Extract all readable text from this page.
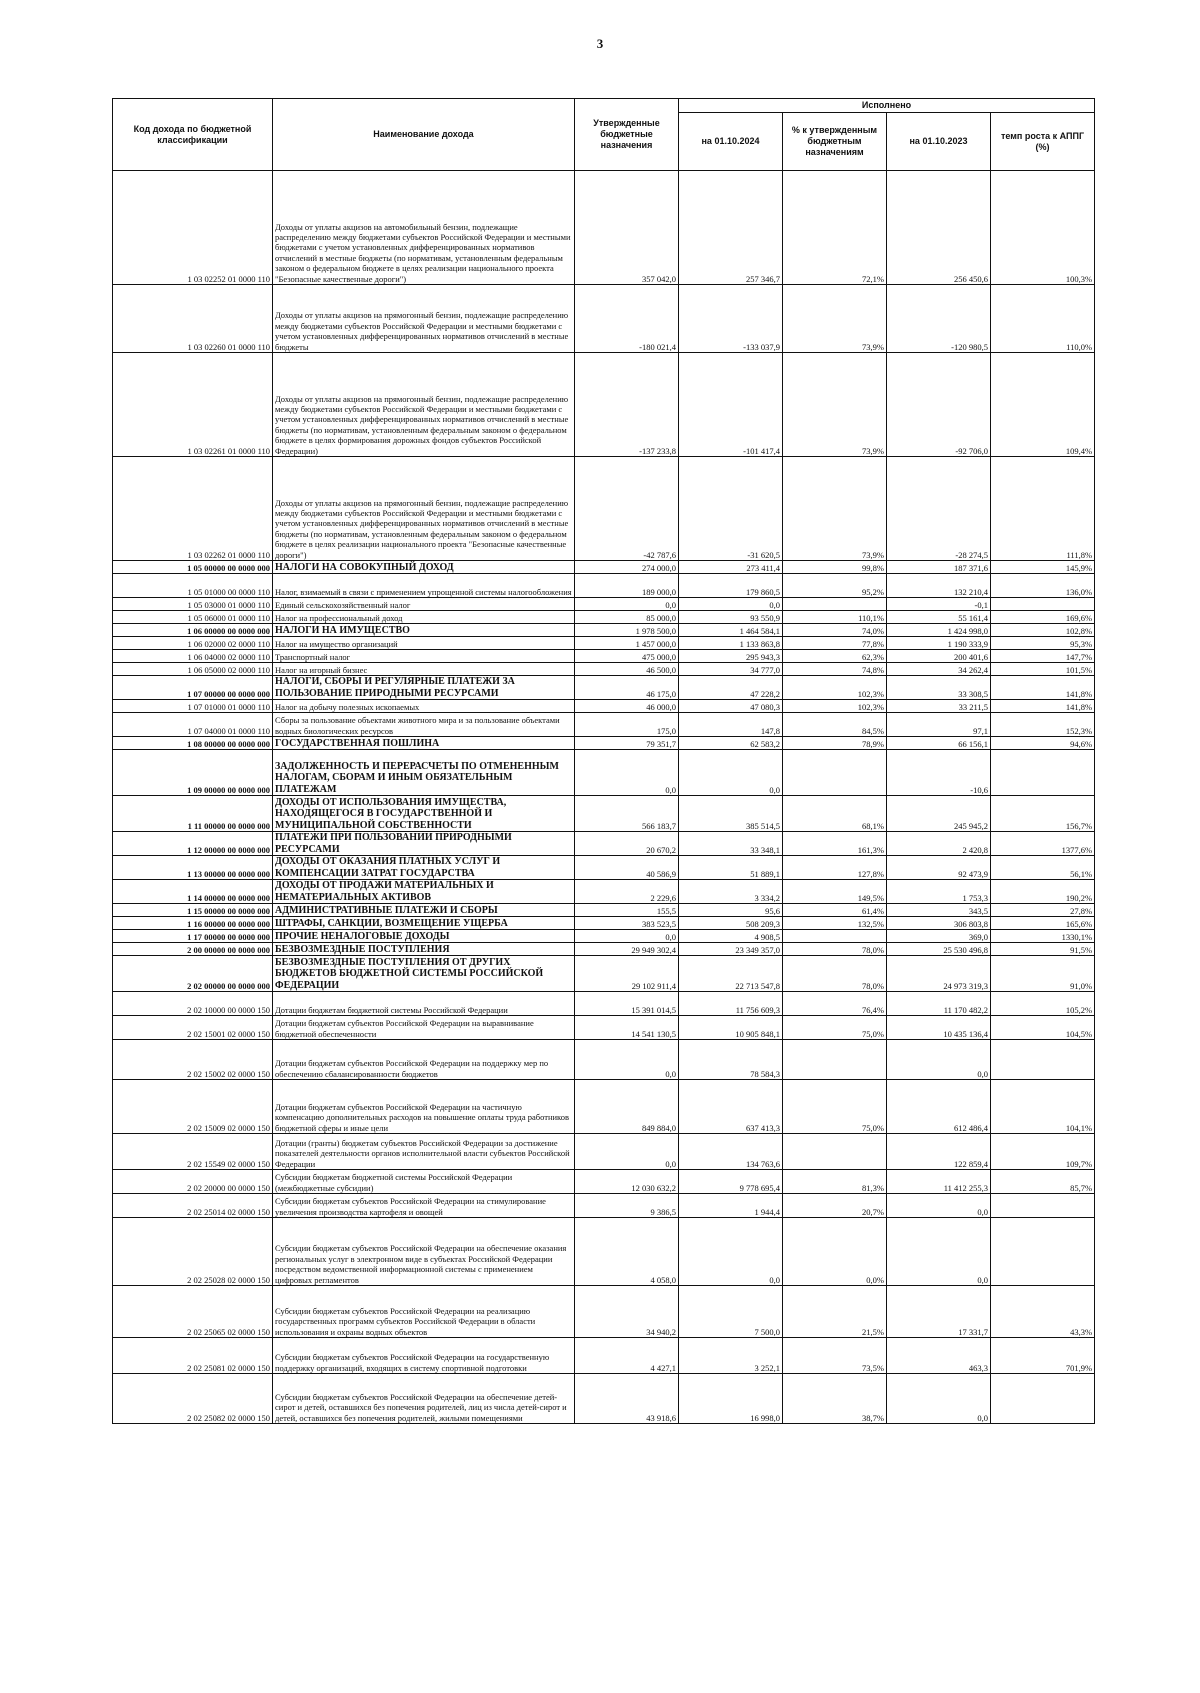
3
Код дохода по бюджетной классификации	Наименование дохода	Утвержденные бюджетные назначения	Исполнено			
			на 01.10.2024	% к утвержденным бюджетным назначениям	на 01.10.2023	темп роста к АППГ (%)
1 03 02252 01 0000 110	Доходы от уплаты акцизов на автомобильный бензин, подлежащие распределению между бюджетами субъектов Российской Федерации и местными бюджетами с учетом установленных дифференцированных нормативов отчислений в местные бюджеты (по нормативам, установленным федеральным законом о федеральном бюджете в целях реализации национального проекта "Безопасные качественные дороги")	357 042,0	257 346,7	72,1%	256 450,6	100,3%
1 03 02260 01 0000 110	Доходы от уплаты акцизов на прямогонный бензин, подлежащие распределению между бюджетами субъектов Российской Федерации и местными бюджетами с учетом установленных дифференцированных нормативов отчислений в местные бюджеты	-180 021,4	-133 037,9	73,9%	-120 980,5	110,0%
1 03 02261 01 0000 110	Доходы от уплаты акцизов на прямогонный бензин, подлежащие распределению между бюджетами субъектов Российской Федерации и местными бюджетами с учетом установленных дифференцированных нормативов отчислений в местные бюджеты (по нормативам, установленным федеральным законом о федеральном бюджете в целях формирования дорожных фондов субъектов Российской Федерации)	-137 233,8	-101 417,4	73,9%	-92 706,0	109,4%
1 03 02262 01 0000 110	Доходы от уплаты акцизов на прямогонный бензин, подлежащие распределению между бюджетами субъектов Российской Федерации и местными бюджетами с учетом установленных дифференцированных нормативов отчислений в местные бюджеты (по нормативам, установленным федеральным законом о федеральном бюджете в целях реализации национального проекта "Безопасные качественные дороги")	-42 787,6	-31 620,5	73,9%	-28 274,5	111,8%
1 05 00000 00 0000 000	НАЛОГИ НА СОВОКУПНЫЙ ДОХОД	274 000,0	273 411,4	99,8%	187 371,6	145,9%
1 05 01000 00 0000 110	Налог, взимаемый в связи с применением упрощенной системы налогообложения	189 000,0	179 860,5	95,2%	132 210,4	136,0%
1 05 03000 01 0000 110	Единый сельскохозяйственный налог	0,0	0,0		-0,1	
1 05 06000 01 0000 110	Налог на профессиональный доход	85 000,0	93 550,9	110,1%	55 161,4	169,6%
1 06 00000 00 0000 000	НАЛОГИ НА ИМУЩЕСТВО	1 978 500,0	1 464 584,1	74,0%	1 424 998,0	102,8%
1 06 02000 02 0000 110	Налог на имущество организаций	1 457 000,0	1 133 863,8	77,8%	1 190 333,9	95,3%
1 06 04000 02 0000 110	Транспортный налог	475 000,0	295 943,3	62,3%	200 401,6	147,7%
1 06 05000 02 0000 110	Налог на игорный бизнес	46 500,0	34 777,0	74,8%	34 262,4	101,5%
1 07 00000 00 0000 000	НАЛОГИ, СБОРЫ И РЕГУЛЯРНЫЕ ПЛАТЕЖИ ЗА ПОЛЬЗОВАНИЕ ПРИРОДНЫМИ РЕСУРСАМИ	46 175,0	47 228,2	102,3%	33 308,5	141,8%
1 07 01000 01 0000 110	Налог на добычу полезных ископаемых	46 000,0	47 080,3	102,3%	33 211,5	141,8%
1 07 04000 01 0000 110	Сборы за пользование объектами животного мира и за пользование объектами водных биологических ресурсов	175,0	147,8	84,5%	97,1	152,3%
1 08 00000 00 0000 000	ГОСУДАРСТВЕННАЯ ПОШЛИНА	79 351,7	62 583,2	78,9%	66 156,1	94,6%
1 09 00000 00 0000 000	ЗАДОЛЖЕННОСТЬ И ПЕРЕРАСЧЕТЫ ПО ОТМЕНЕННЫМ НАЛОГАМ, СБОРАМ И ИНЫМ ОБЯЗАТЕЛЬНЫМ ПЛАТЕЖАМ	0,0	0,0		-10,6	
1 11 00000 00 0000 000	ДОХОДЫ ОТ ИСПОЛЬЗОВАНИЯ ИМУЩЕСТВА, НАХОДЯЩЕГОСЯ В ГОСУДАРСТВЕННОЙ И МУНИЦИПАЛЬНОЙ СОБСТВЕННОСТИ	566 183,7	385 514,5	68,1%	245 945,2	156,7%
1 12 00000 00 0000 000	ПЛАТЕЖИ ПРИ ПОЛЬЗОВАНИИ ПРИРОДНЫМИ РЕСУРСАМИ	20 670,2	33 348,1	161,3%	2 420,8	1377,6%
1 13 00000 00 0000 000	ДОХОДЫ ОТ ОКАЗАНИЯ ПЛАТНЫХ УСЛУГ И КОМПЕНСАЦИИ ЗАТРАТ ГОСУДАРСТВА	40 586,9	51 889,1	127,8%	92 473,9	56,1%
1 14 00000 00 0000 000	ДОХОДЫ ОТ ПРОДАЖИ МАТЕРИАЛЬНЫХ И НЕМАТЕРИАЛЬНЫХ АКТИВОВ	2 229,6	3 334,2	149,5%	1 753,3	190,2%
1 15 00000 00 0000 000	АДМИНИСТРАТИВНЫЕ ПЛАТЕЖИ И СБОРЫ	155,5	95,6	61,4%	343,5	27,8%
1 16 00000 00 0000 000	ШТРАФЫ, САНКЦИИ, ВОЗМЕЩЕНИЕ УЩЕРБА	383 523,5	508 209,3	132,5%	306 803,8	165,6%
1 17 00000 00 0000 000	ПРОЧИЕ НЕНАЛОГОВЫЕ ДОХОДЫ	0,0	4 908,5		369,0	1330,1%
2 00 00000 00 0000 000	БЕЗВОЗМЕЗДНЫЕ ПОСТУПЛЕНИЯ	29 949 302,4	23 349 357,0	78,0%	25 530 496,8	91,5%
2 02 00000 00 0000 000	БЕЗВОЗМЕЗДНЫЕ ПОСТУПЛЕНИЯ ОТ ДРУГИХ БЮДЖЕТОВ БЮДЖЕТНОЙ СИСТЕМЫ РОССИЙСКОЙ ФЕДЕРАЦИИ	29 102 911,4	22 713 547,8	78,0%	24 973 319,3	91,0%
2 02 10000 00 0000 150	Дотации бюджетам бюджетной системы Российской Федерации	15 391 014,5	11 756 609,3	76,4%	11 170 482,2	105,2%
2 02 15001 02 0000 150	Дотации бюджетам субъектов Российской Федерации на выравнивание бюджетной обеспеченности	14 541 130,5	10 905 848,1	75,0%	10 435 136,4	104,5%
2 02 15002 02 0000 150	Дотации бюджетам субъектов Российской Федерации на поддержку мер по обеспечению сбалансированности бюджетов	0,0	78 584,3		0,0	
2 02 15009 02 0000 150	Дотации бюджетам субъектов Российской Федерации на частичную компенсацию дополнительных расходов на повышение оплаты труда работников бюджетной сферы и иные цели	849 884,0	637 413,3	75,0%	612 486,4	104,1%
2 02 15549 02 0000 150	Дотации (гранты) бюджетам субъектов Российской Федерации за достижение показателей деятельности органов исполнительной власти субъектов Российской Федерации	0,0	134 763,6		122 859,4	109,7%
2 02 20000 00 0000 150	Субсидии бюджетам бюджетной системы Российской Федерации (межбюджетные субсидии)	12 030 632,2	9 778 695,4	81,3%	11 412 255,3	85,7%
2 02 25014 02 0000 150	Субсидии бюджетам субъектов Российской Федерации на стимулирование увеличения производства картофеля и овощей	9 386,5	1 944,4	20,7%	0,0	
2 02 25028 02 0000 150	Субсидии бюджетам субъектов Российской Федерации на обеспечение оказания региональных услуг в электронном виде в субъектах Российской Федерации посредством ведомственной информационной системы с применением цифровых регламентов	4 058,0	0,0	0,0%	0,0	
2 02 25065 02 0000 150	Субсидии бюджетам субъектов Российской Федерации на реализацию государственных программ субъектов Российской Федерации в области использования и охраны водных объектов	34 940,2	7 500,0	21,5%	17 331,7	43,3%
2 02 25081 02 0000 150	Субсидии бюджетам субъектов Российской Федерации на государственную поддержку организаций, входящих в систему спортивной подготовки	4 427,1	3 252,1	73,5%	463,3	701,9%
2 02 25082 02 0000 150	Субсидии бюджетам субъектов Российской Федерации на обеспечение детей-сирот и детей, оставшихся без попечения родителей, лиц из числа детей-сирот и детей, оставшихся без попечения родителей, жилыми помещениями	43 918,6	16 998,0	38,7%	0,0	
